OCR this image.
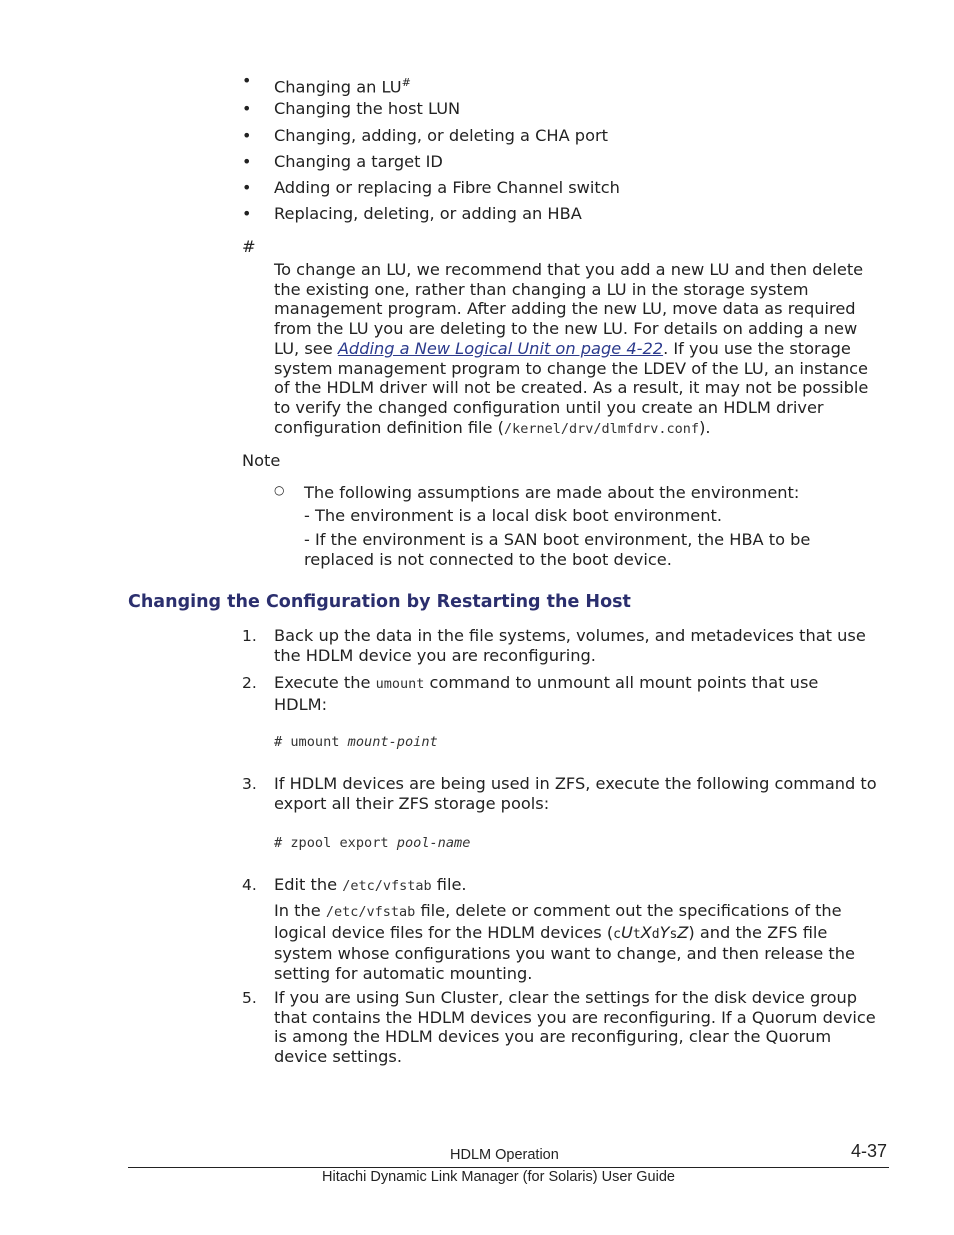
• Changing an LU#
• Changing the host LUN
• Changing, adding, or deleting a CHA port
• Changing a target ID
• Adding or replacing a Fibre Channel switch
• Replacing, deleting, or adding an HBA
#
To change an LU, we recommend that you add a new LU and then delete the existing one, rather than changing a LU in the storage system management program. After adding the new LU, move data as required from the LU you are deleting to the new LU. For details on adding a new LU, see Adding a New Logical Unit on page 4-22. If you use the storage system management program to change the LDEV of the LU, an instance of the HDLM driver will not be created. As a result, it may not be possible to verify the changed configuration until you create an HDLM driver configuration definition file (/kernel/drv/dlmfdrv.conf).
Note
○ The following assumptions are made about the environment:
- The environment is a local disk boot environment.
- If the environment is a SAN boot environment, the HBA to be replaced is not connected to the boot device.
Changing the Configuration by Restarting the Host
1. Back up the data in the file systems, volumes, and metadevices that use the HDLM device you are reconfiguring.
2. Execute the umount command to unmount all mount points that use HDLM:
# umount mount-point
3. If HDLM devices are being used in ZFS, execute the following command to export all their ZFS storage pools:
# zpool export pool-name
4. Edit the /etc/vfstab file.
In the /etc/vfstab file, delete or comment out the specifications of the logical device files for the HDLM devices (cUtXdYsZ) and the ZFS file system whose configurations you want to change, and then release the setting for automatic mounting.
5. If you are using Sun Cluster, clear the settings for the disk device group that contains the HDLM devices you are reconfiguring. If a Quorum device is among the HDLM devices you are reconfiguring, clear the Quorum device settings.
HDLM Operation	4-37
Hitachi Dynamic Link Manager (for Solaris) User Guide
